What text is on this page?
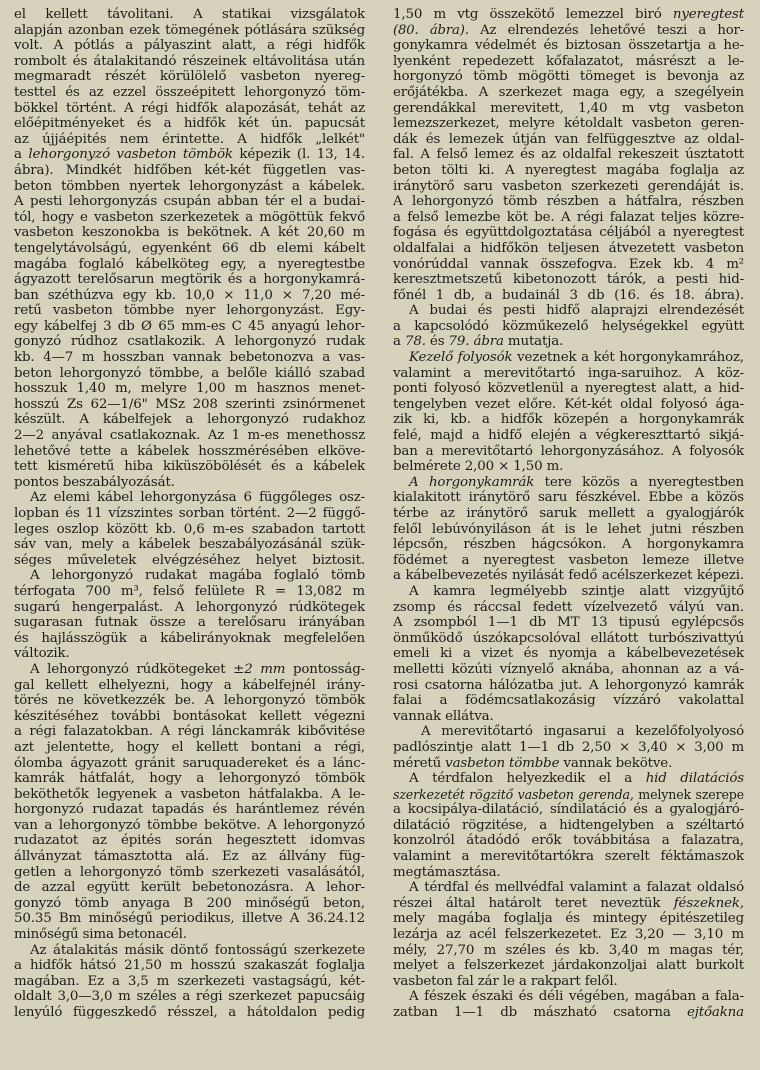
el kellett távolitani. A statikai vizsgálatok
alapján azonban ezek tömegének pótlására szükség
volt. A pótlás a pályaszint alatt, a régi hidfők
rombolt és átalakitandó részeinek eltávolitása után
megmaradt részét körülölelő vasbeton nyereg-
testtel és az ezzel összeépitett lehorgonyzó töm-
bökkel történt. A régi hidfők alapozását, tehát az
előépitményeket és a hidfők két ún. papucsát
az újjáépités nem érintette. A hidfők „lelkét"
a lehorgonyzó vasbeton tömbök képezik (l. 13, 14.
ábra). Mindkét hidfőben két-két független vas-
beton tömbben nyertek lehorgonyzást a kábelek.
A pesti lehorgonyzás csupán abban tér el a budai-
tól, hogy e vasbeton szerkezetek a mögöttük fekvő
vasbeton keszonokba is bekötnek. A két 20,60 m
tengelytávolságú, egyenként 66 db elemi kábelt
magába foglaló kábelköteg egy, a nyeregtestbe
ágyazott terelősarun megtörik és a horgonykamrá-
ban széthúzva egy kb. 10,0 × 11,0 × 7,20 mé-
retű vasbeton tömbbe nyer lehorgonyzást. Egy-
egy kábelfej 3 db Ø 65 mm-es C 45 anyagú lehor-
gonyzó rúdhoz csatlakozik. A lehorgonyzó rudak
kb. 4—7 m hosszban vannak bebetonozva a vas-
beton lehorgonyzó tömbbe, a belőle kiálló szabad
hosszuk 1,40 m, melyre 1,00 m hasznos menet-
hosszú Zs 62—1/6" MSz 208 szerinti zsinórmenet
készült. A kábelfejek a lehorgonyzó rudakhoz
2—2 anyával csatlakoznak. Az 1 m-es menethossz
lehetővé tette a kábelek hosszmérésében elköve-
tett kisméretű hiba kiküszöbölését és a kábelek
pontos beszabályozását.
Az elemi kábel lehorgonyzása 6 függőleges osz-
lopban és 11 vízszintes sorban történt. 2—2 függő-
leges oszlop között kb. 0,6 m-es szabadon tartott
sáv van, mely a kábelek beszabályozásánál szük-
séges műveletek elvégzéséhez helyet biztosit.
A lehorgonyzó rudakat magába foglaló tömb
térfogata 700 m³, felső felülete R = 13,082 m
sugarú hengerpalást. A lehorgonyzó rúdkötegek
sugarasan futnak össze a terelősaru irányában
és hajlásszögük a kábelirányoknak megfelelően
változik.
A lehorgonyzó rúdkötegeket ±2 mm pontosság-
gal kellett elhelyezni, hogy a kábelfejnél irány-
törés ne következzék be. A lehorgonyzó tömbök
készitéséhez további bontásokat kellett végezni
a régi falazatokban. A régi lánckamrák kibővitése
azt jelentette, hogy el kellett bontani a régi,
ólomba ágyazott gránit saruquadereket és a lánc-
kamrák hátfalát, hogy a lehorgonyzó tömbök
beköthetők legyenek a vasbeton hátfalakba. A le-
horgonyzó rudazat tapadás és harántlemez révén
van a lehorgonyzó tömbbe bekötve. A lehorgonyzó
rudazatot az épités során hegesztett idomvas
állványzat támasztotta alá. Ez az állvány füg-
getlen a lehorgonyzó tömb szerkezeti vasalásától,
de azzal együtt került bebetonozásra. A lehor-
gonyzó tömb anyaga B 200 minőségű beton,
50.35 Bm minőségű periodikus, illetve A 36.24.12
minőségű sima betonacél.
Az átalakitás másik döntő fontosságú szerkezete
a hidfők hátsó 21,50 m hosszú szakaszát foglalja
magában. Ez a 3,5 m szerkezeti vastagságú, két-
oldalt 3,0—3,0 m széles a régi szerkezet papucsáig
lenyúló függeszkedő résszel, a hátoldalon pedig
1,50 m vtg összekötő lemezzel biró nyeregtest
(80. ábra). Az elrendezés lehetővé teszi a hor-
gonykamra védelmét és biztosan összetartja a he-
lyenként repedezett kőfalazatot, másrészt a le-
horgonyzó tömb mögötti tömeget is bevonja az
erőjátékba. A szerkezet maga egy, a szegélyein
gerendákkal merevitett, 1,40 m vtg vasbeton
lemezszerkezet, melyre kétoldalt vasbeton geren-
dák és lemezek útján van felfüggesztve az oldal-
fal. A felső lemez és az oldalfal rekeszeit úsztatott
beton tölti ki. A nyeregtest magába foglalja az
iránytörő saru vasbeton szerkezeti gerendáját is.
A lehorgonyzó tömb részben a hátfalra, részben
a felső lemezbe köt be. A régi falazat teljes közre-
fogása és együttdolgoztatása céljából a nyeregtest
oldalfalai a hidfőkön teljesen átvezetett vasbeton
vonórúddal vannak összefogva. Ezek kb. 4 m²
keresztmetszetű kibetonozott tárók, a pesti hid-
főnél 1 db, a budainál 3 db (16. és 18. ábra).
A budai és pesti hidfő alaprajzi elrendezését
a kapcsolódó közműkezelő helységekkel együtt
a 78. és 79. ábra mutatja.
Kezelő folyosók vezetnek a két horgonykamrához,
valamint a merevitőtartó inga-saruihoz. A köz-
ponti folyosó közvetlenül a nyeregtest alatt, a hid-
tengelyben vezet előre. Két-két oldal folyosó ága-
zik ki, kb. a hidfők közepén a horgonykamrák
felé, majd a hidfő elején a végkereszttartó sikjá-
ban a merevitőtartó lehorgonyzásához. A folyosók
belmérete 2,00 × 1,50 m.
A horgonykamrák tere közös a nyeregtestben
kialakitott iránytörő saru fészkével. Ebbe a közös
térbe az iránytörő saruk mellett a gyalogjárók
felől lebúvónyiláson át is le lehet jutni részben
lépcsőn, részben hágcsókon. A horgonykamra
födémet a nyeregtest vasbeton lemeze illetve
a kábelbevezetés nyilását fedő acélszerkezet képezi.
A kamra legmélyebb szintje alatt vizgyűjtő
zsomp és ráccsal fedett vízelvezető vályú van.
A zsompból 1—1 db MT 13 tipusú egylépcsős
önműködő úszókapcsolóval ellátott turbószivattyú
emeli ki a vizet és nyomja a kábelbevezetések
melletti közúti víznyelő aknába, ahonnan az a vá-
rosi csatorna hálózatba jut. A lehorgonyzó kamrák
falai a födémcsatlakozásig vízzáró vakolattal
vannak ellátva.
A merevitőtartó ingasarui a kezelőfolyolyosó
padlószintje alatt 1—1 db 2,50 × 3,40 × 3,00 m
méretű vasbeton tömbbe vannak bekötve.
A térdfalon helyezkedik el a hid dilatációs
szerkezetét rögzitő vasbeton gerenda, melynek szerepe
a kocsipálya-dilatáció, síndilatáció és a gyalogjáró-
dilatáció rögzitése, a hidtengelyben a széltartó
konzolról átadódó erők továbbitása a falazatra,
valamint a merevitőtartókra szerelt féktámaszok
megtámasztása.
A térdfal és mellvédfal valamint a falazat oldalsó
részei által határolt teret neveztük fészeknek,
mely magába foglalja és mintegy épitészetileg
lezárja az acél felszerkezetet. Ez 3,20 — 3,10 m
mély, 27,70 m széles és kb. 3,40 m magas tér,
melyet a felszerkezet járdakonzoljai alatt burkolt
vasbeton fal zár le a rakpart felől.
A fészek északi és déli végében, magában a fala-
zatban 1—1 db mászható csatorna ejtőakna
